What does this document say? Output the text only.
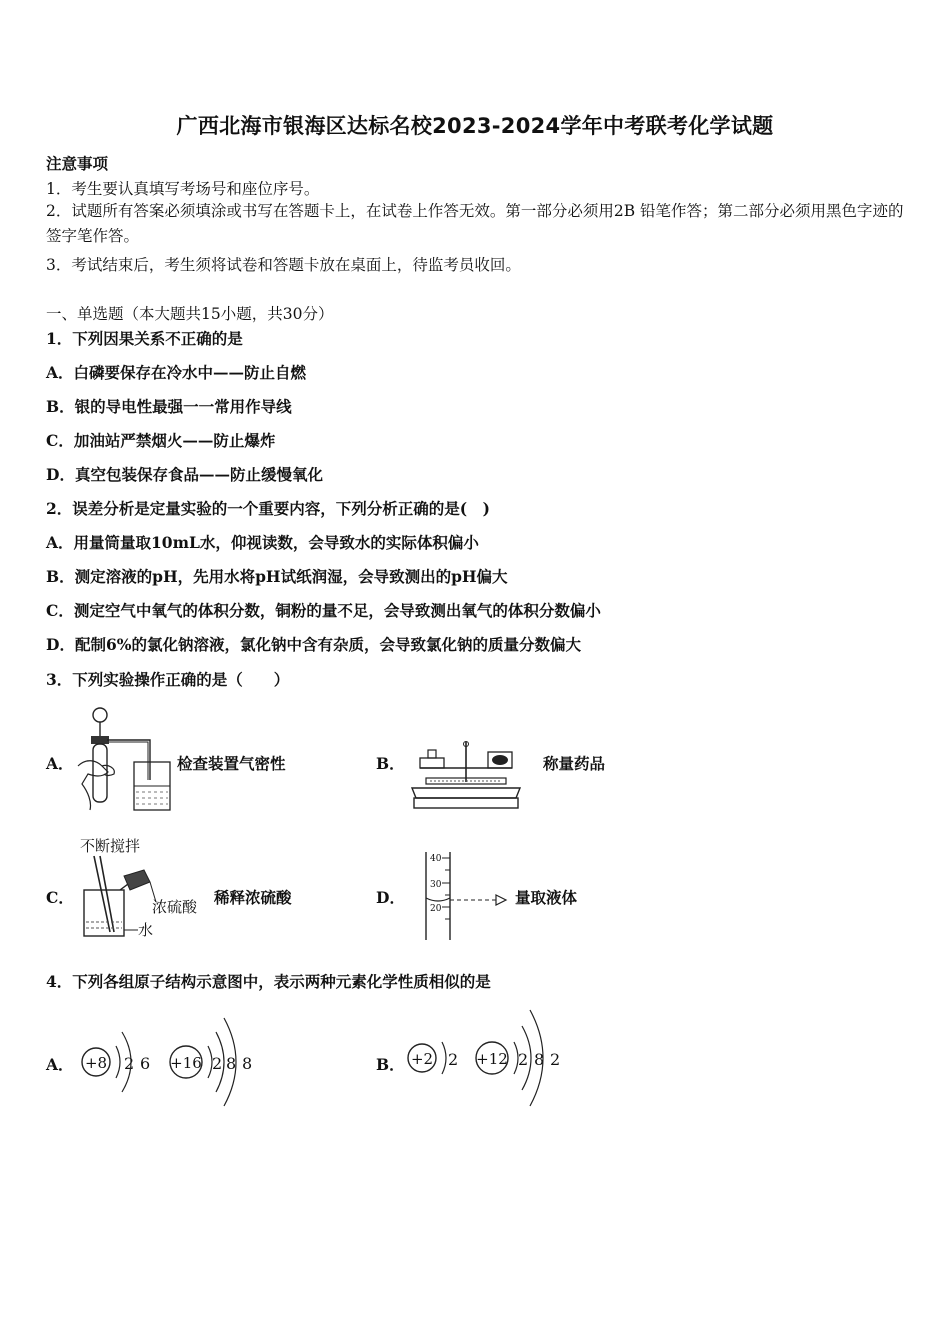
广西北海市银海区达标名校2023-2024学年中考联考化学试题
注意事项
1．考生要认真填写考场号和座位序号。
2．试题所有答案必须填涂或书写在答题卡上，在试卷上作答无效。第一部分必须用2B 铅笔作答；第二部分必须用黑色字迹的签字笔作答。
3．考试结束后，考生须将试卷和答题卡放在桌面上，待监考员收回。
一、单选题（本大题共15小题，共30分）
1．下列因果关系不正确的是
A．白磷要保存在冷水中——防止自燃
B．银的导电性最强一一常用作导线
C．加油站严禁烟火——防止爆炸
D．真空包装保存食品——防止缓慢氧化
2．误差分析是定量实验的一个重要内容，下列分析正确的是(　)
A．用量筒量取10mL水，仰视读数，会导致水的实际体积偏小
B．测定溶液的pH，先用水将pH试纸润湿，会导致测出的pH偏大
C．测定空气中氧气的体积分数，铜粉的量不足，会导致测出氧气的体积分数偏小
D．配制6%的氯化钠溶液，氯化钠中含有杂质，会导致氯化钠的质量分数偏大
3．下列实验操作正确的是（　　）
A．	检查装置气密性	B．	称量药品
C．
不断搅拌
浓硫酸
水
稀释浓硫酸	D．
40
30
20
量取液体
4．下列各组原子结构示意图中，表示两种元素化学性质相似的是
A． +8 2 6 +16 2 8 8	B． +2 2 +12 2 8 2
